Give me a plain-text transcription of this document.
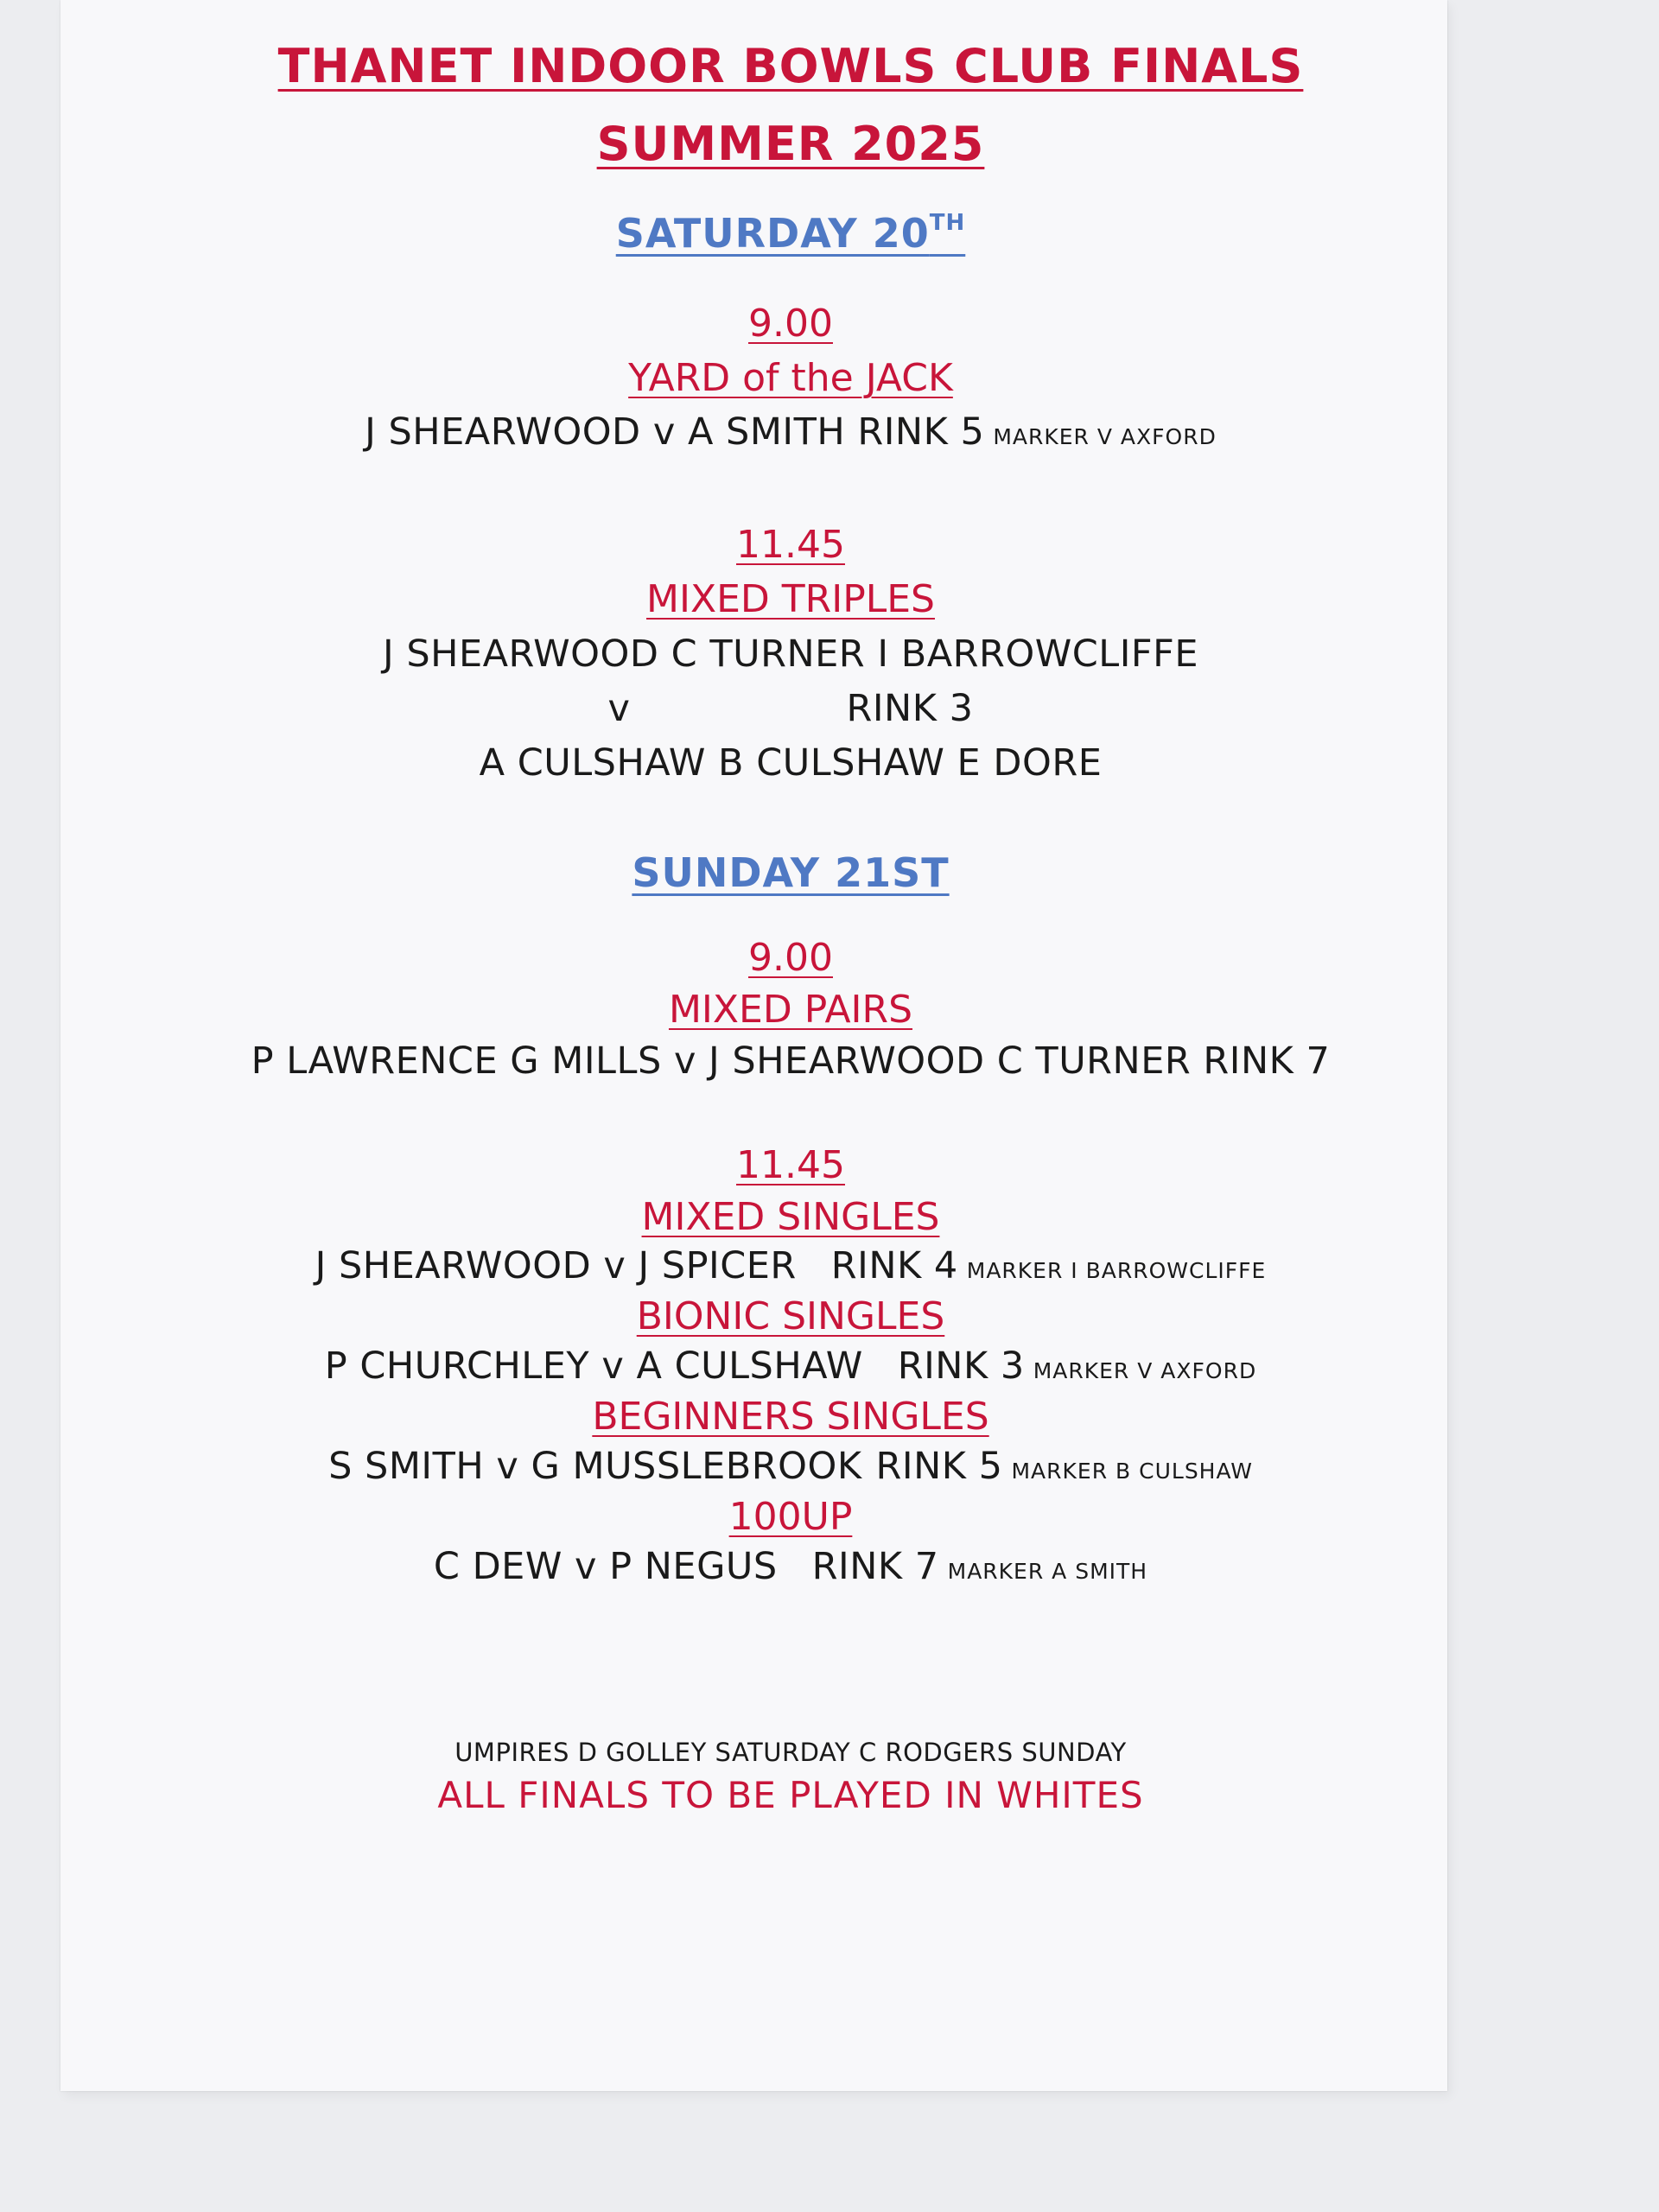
THANET INDOOR BOWLS CLUB FINALS
SUMMER 2025
SATURDAY 20TH
9.00
YARD of the JACK
J SHEARWOOD v A SMITH RINK 5 MARKER V AXFORD
11.45
MIXED TRIPLES
J SHEARWOOD C TURNER I BARROWCLIFFE
v	RINK 3
A CULSHAW B CULSHAW E DORE
SUNDAY 21ST
9.00
MIXED PAIRS
P LAWRENCE G MILLS v J SHEARWOOD C TURNER RINK 7
11.45
MIXED SINGLES
J SHEARWOOD v J SPICER RINK 4 MARKER I BARROWCLIFFE
BIONIC SINGLES
P CHURCHLEY v A CULSHAW RINK 3 MARKER V AXFORD
BEGINNERS SINGLES
S SMITH v G MUSSLEBROOK RINK 5 MARKER B CULSHAW
100UP
C DEW v P NEGUS RINK 7 MARKER A SMITH
UMPIRES D GOLLEY SATURDAY C RODGERS SUNDAY
ALL FINALS TO BE PLAYED IN WHITES
